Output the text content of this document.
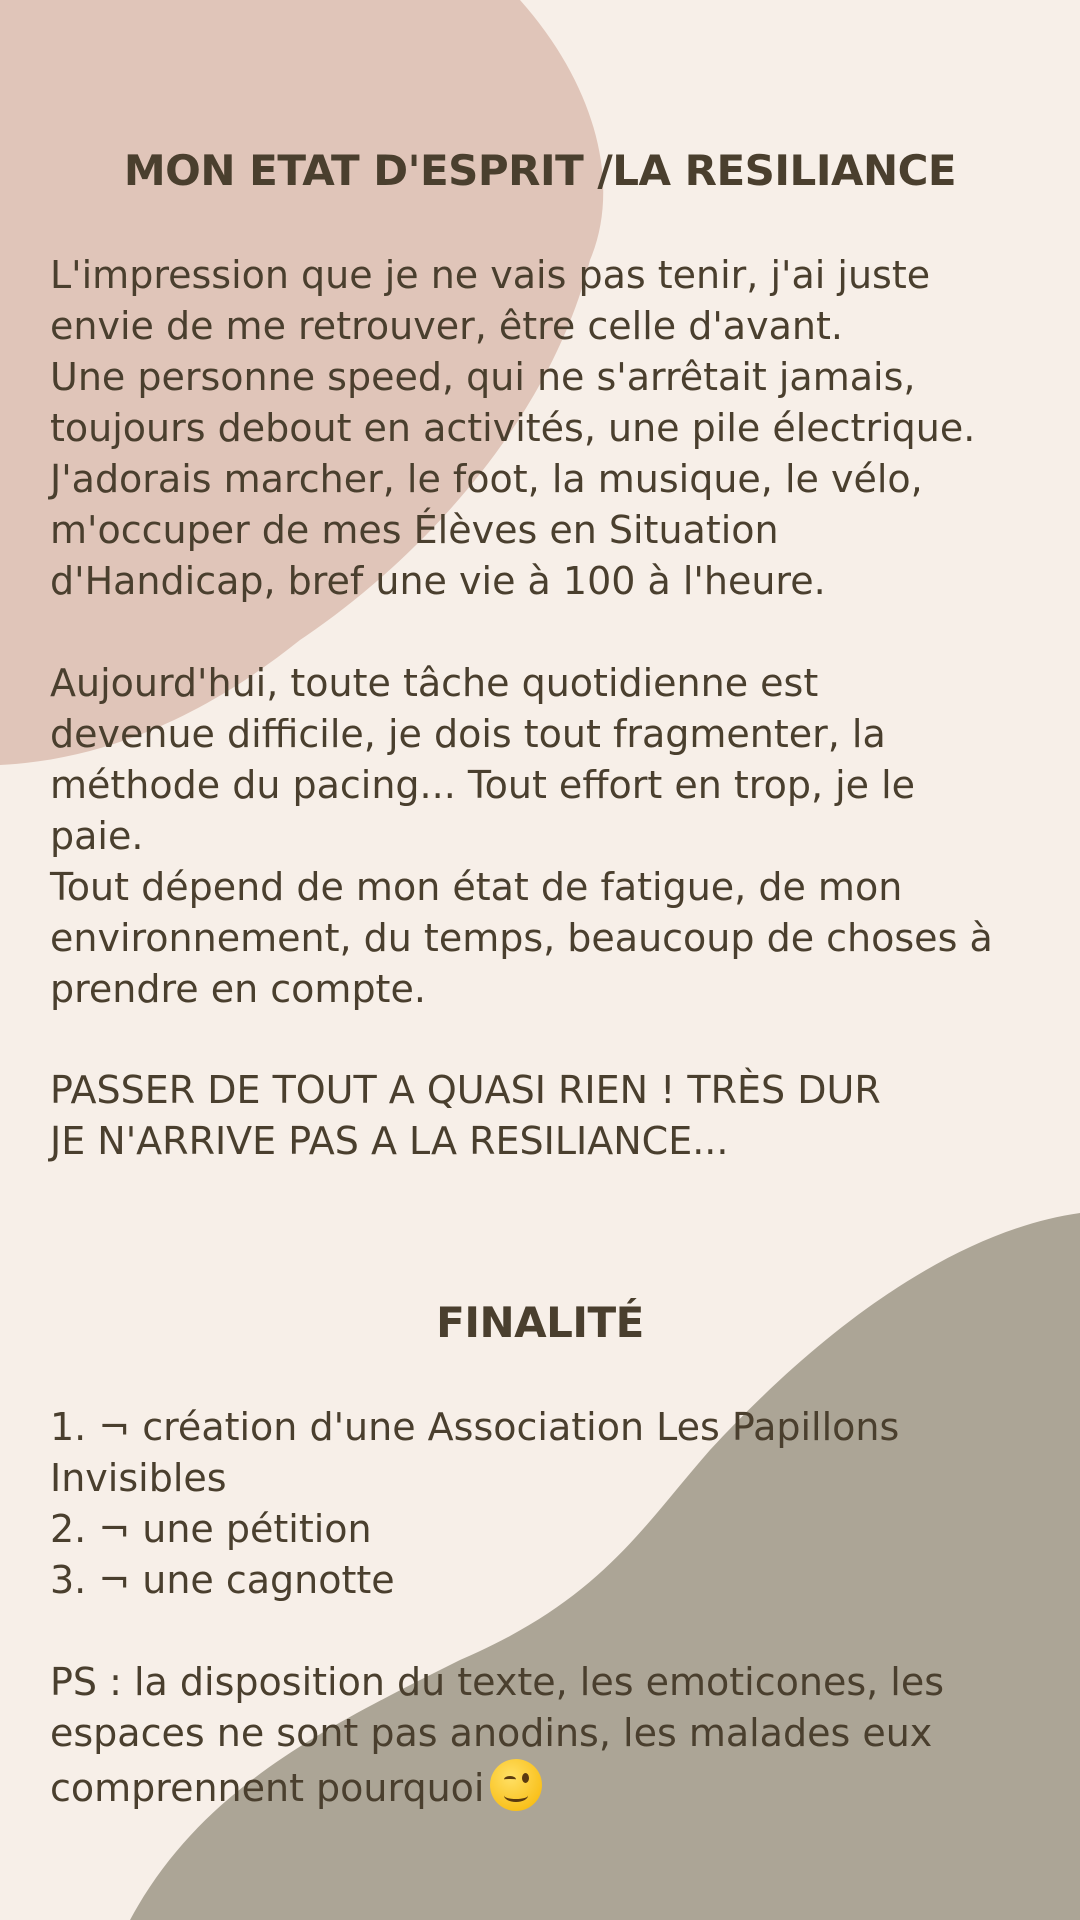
MON ETAT D'ESPRIT /LA RESILIANCE
L'impression que je ne vais pas tenir, j'ai juste
envie de me retrouver, être celle d'avant.
Une personne speed, qui ne s'arrêtait jamais,
toujours debout en activités, une pile électrique.
J'adorais marcher, le foot, la musique, le vélo,
m'occuper de mes Élèves en Situation
d'Handicap, bref une vie à 100 à l'heure.
Aujourd'hui, toute tâche quotidienne est
devenue difficile, je dois tout fragmenter, la
méthode du pacing... Tout effort en trop, je le
paie.
Tout dépend de mon état de fatigue, de mon
environnement, du temps, beaucoup de choses à
prendre en compte.
PASSER DE TOUT A QUASI RIEN ! TRÈS DUR
JE N'ARRIVE PAS A LA RESILIANCE...
FINALITÉ
1. ¬ création d'une Association Les Papillons
Invisibles
2. ¬ une pétition
3. ¬ une cagnotte
PS : la disposition du texte, les emoticones, les
espaces ne sont pas anodins, les malades eux
comprennent pourquoi
